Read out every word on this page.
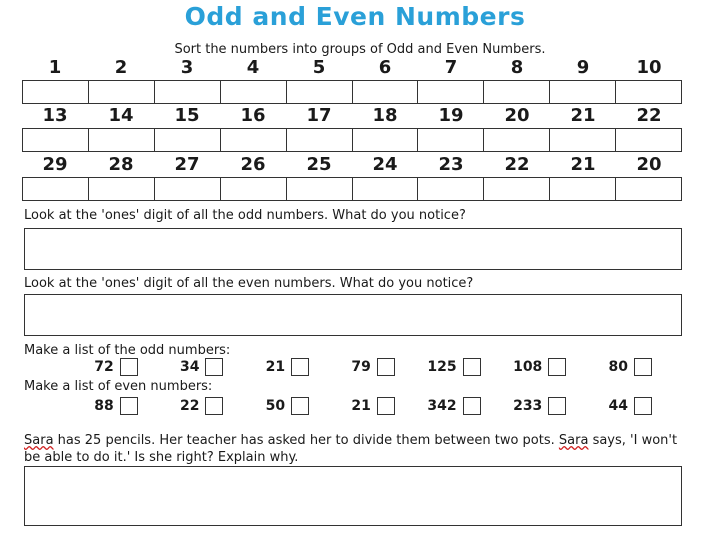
Odd and Even Numbers
Sort the numbers into groups of Odd and Even Numbers.
1	2	3	4	5	6	7	8	9	10
13	14	15	16	17	18	19	20	21	22
29	28	27	26	25	24	23	22	21	20
Look at the 'ones' digit of all the odd numbers. What do you notice?
Look at the 'ones' digit of all the even numbers. What do you notice?
Make a list of the odd numbers:
72	34	21	79	125	108	80
Make a list of even numbers:
88	22	50	21	342	233	44
Sara has 25 pencils. Her teacher has asked her to divide them between two pots. Sara says, 'I won't be able to do it.' Is she right? Explain why.
